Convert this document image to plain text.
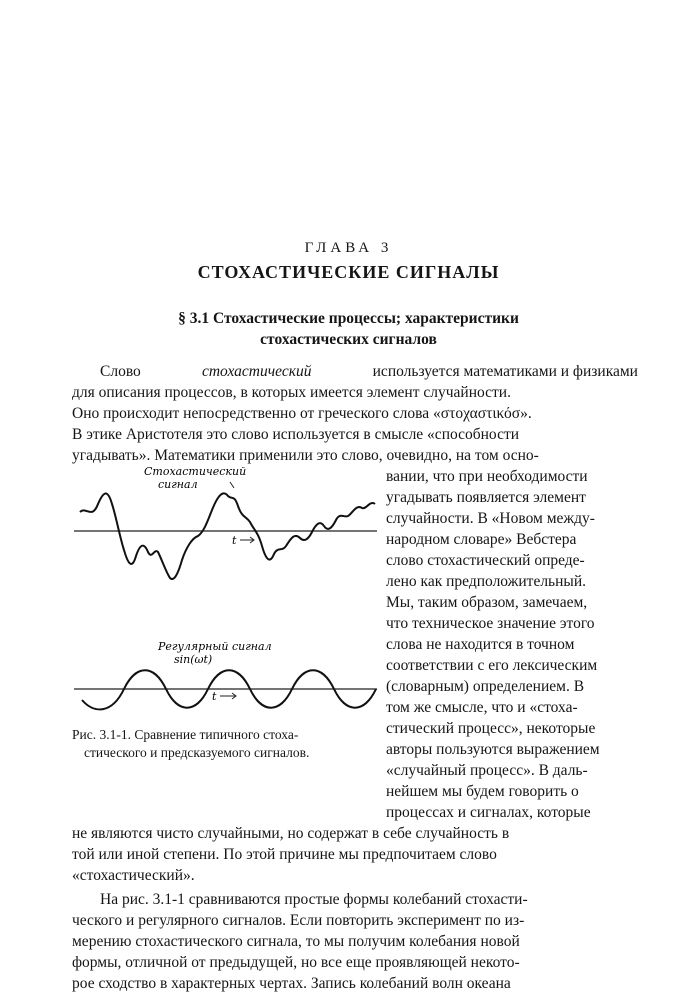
ГЛАВА 3
СТОХАСТИЧЕСКИЕ СИГНАЛЫ
§ 3.1 Стохастические процессы; характеристики
стохастических сигналов
Слово	стохастический	используется математиками и физиками
для описания процессов, в которых имеется элемент случайности.
Оно происходит непосредственно от греческого слова «στοχαστικόσ».
В этике Аристотеля это слово используется в смысле «способности
угадывать». Математики применили это слово, очевидно, на том осно-
вании, что при необходимости
угадывать появляется элемент
случайности. В «Новом между-
народном словаре» Вебстера
слово стохастический опреде-
лено как предположительный.
Мы, таким образом, замечаем,
что техническое значение этого
слова не находится в точном
соответствии с его лексическим
(словарным) определением. В
том же смысле, что и «стоха-
стический процесс», некоторые
авторы пользуются выражением
«случайный процесс». В даль-
нейшем мы будем говорить о
процессах и сигналах, которые
не являются чисто случайными, но содержат в себе случайность в
той или иной степени. По этой причине мы предпочитаем слово
«стохастический».
На рис. 3.1-1 сравниваются простые формы колебаний стохасти-
ческого и регулярного сигналов. Если повторить эксперимент по из-
мерению стохастического сигнала, то мы получим колебания новой
формы, отличной от предыдущей, но все еще проявляющей некото-
рое сходство в характерных чертах. Запись колебаний волн океана
Стохастический
сигнал
t
Регулярный сигнал
sin(ωt)
t
Рис. 3.1-1. Сравнение типичного стоха-
стического и предсказуемого сигналов.
